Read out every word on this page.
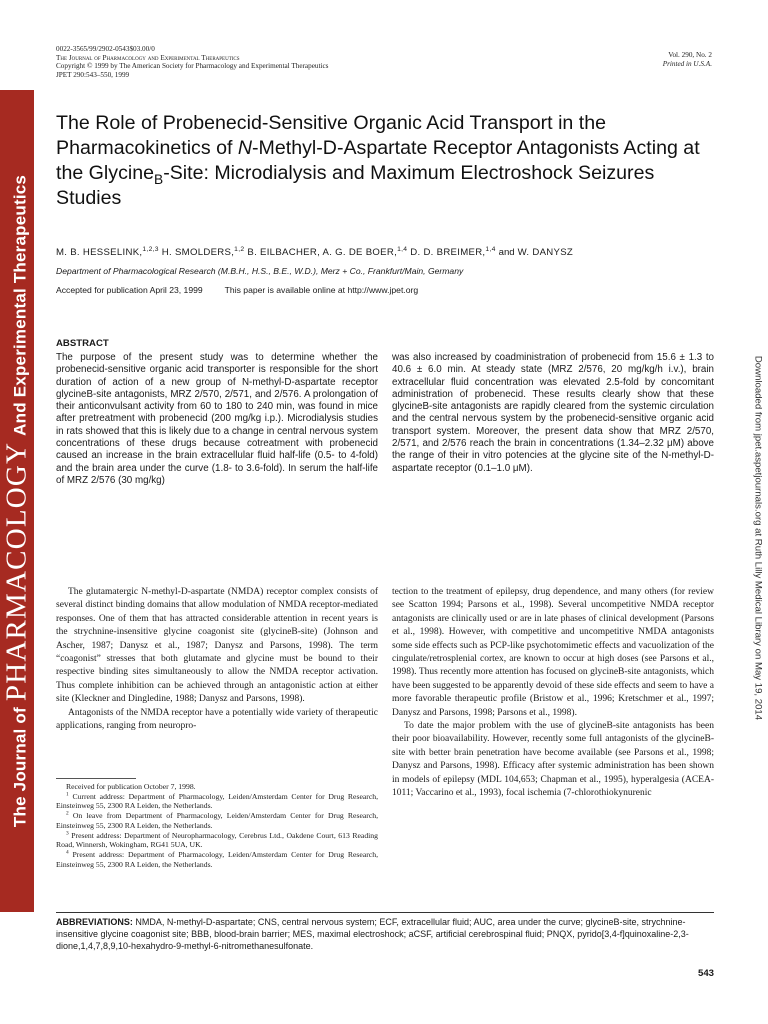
0022-3565/99/2902-0543$03.00/0
The Journal of Pharmacology and Experimental Therapeutics
Copyright © 1999 by The American Society for Pharmacology and Experimental Therapeutics
JPET 290:543–550, 1999
Vol. 290, No. 2
Printed in U.S.A.
The Journal of
PHARMACOLOGY
And Experimental Therapeutics
Downloaded from jpet.aspetjournals.org at Ruth Lilly Medical Library on May 19, 2014
The Role of Probenecid-Sensitive Organic Acid Transport in the Pharmacokinetics of N-Methyl-D-Aspartate Receptor Antagonists Acting at the Glycine$_B$-Site: Microdialysis and Maximum Electroshock Seizures Studies
M. B. HESSELINK,$^{1,2,3}$ H. SMOLDERS,$^{1,2}$ B. EILBACHER, A. G. DE BOER,$^{1,4}$ D. D. BREIMER,$^{1,4}$ and W. DANYSZ
Department of Pharmacological Research (M.B.H., H.S., B.E., W.D.), Merz + Co., Frankfurt/Main, Germany
Accepted for publication April 23, 1999	This paper is available online at http://www.jpet.org
ABSTRACT
The purpose of the present study was to determine whether the probenecid-sensitive organic acid transporter is responsible for the short duration of action of a new group of N-methyl-D-aspartate receptor glycineB-site antagonists, MRZ 2/570, 2/571, and 2/576. A prolongation of their anticonvulsant activity from 60 to 180 to 240 min, was found in mice after pretreatment with probenecid (200 mg/kg i.p.). Microdialysis studies in rats showed that this is likely due to a change in central nervous system concentrations of these drugs because cotreatment with probenecid caused an increase in the brain extracellular fluid half-life (0.5- to 4-fold) and the brain area under the curve (1.8- to 3.6-fold). In serum the half-life of MRZ 2/576 (30 mg/kg)
was also increased by coadministration of probenecid from 15.6 ± 1.3 to 40.6 ± 6.0 min. At steady state (MRZ 2/576, 20 mg/kg/h i.v.), brain extracellular fluid concentration was elevated 2.5-fold by concomitant administration of probenecid. These results clearly show that these glycineB-site antagonists are rapidly cleared from the systemic circulation and the central nervous system by the probenecid-sensitive organic acid transport system. Moreover, the present data show that MRZ 2/570, 2/571, and 2/576 reach the brain in concentrations (1.34–2.32 μM) above the range of their in vitro potencies at the glycine site of the N-methyl-D-aspartate receptor (0.1–1.0 μM).

The glutamatergic N-methyl-D-aspartate (NMDA) receptor complex consists of several distinct binding domains that allow modulation of NMDA receptor-mediated responses. One of them that has attracted considerable attention in recent years is the strychnine-insensitive glycine coagonist site (glycineB-site) (Johnson and Ascher, 1987; Danysz et al., 1987; Danysz and Parsons, 1998). The term “coagonist” stresses that both glutamate and glycine must be bound to their respective binding sites simultaneously to allow the NMDA receptor activation. Thus complete inhibition can be achieved through an antagonistic action at either site (Kleckner and Dingledine, 1988; Danysz and Parsons, 1998).

Antagonists of the NMDA receptor have a potentially wide variety of therapeutic applications, ranging from neuropro-

tection to the treatment of epilepsy, drug dependence, and many others (for review see Scatton 1994; Parsons et al., 1998). Several uncompetitive NMDA receptor antagonists are clinically used or are in late phases of clinical development (Parsons et al., 1998). However, with competitive and uncompetitive NMDA antagonists some side effects such as PCP-like psychotomimetic effects and vacuolization of the cingulate/retrosplenial cortex, are known to occur at high doses (see Parsons et al., 1998). Thus recently more attention has focused on glycineB-site antagonists, which have been suggested to be apparently devoid of these side effects and seem to have a more favorable therapeutic profile (Bristow et al., 1996; Kretschmer et al., 1997; Danysz and Parsons, 1998; Parsons et al., 1998).

To date the major problem with the use of glycineB-site antagonists has been their poor bioavailability. However, recently some full antagonists of the glycineB-site with better brain penetration have become available (see Parsons et al., 1998; Danysz and Parsons, 1998). Efficacy after systemic administration has been shown in models of epilepsy (MDL 104,653; Chapman et al., 1995), hyperalgesia (ACEA-1011; Vaccarino et al., 1993), focal ischemia (7-chlorothiokynurenic

Received for publication October 7, 1998.

$^1$ Current address: Department of Pharmacology, Leiden/Amsterdam Center for Drug Research, Einsteinweg 55, 2300 RA Leiden, the Netherlands.

$^2$ On leave from Department of Pharmacology, Leiden/Amsterdam Center for Drug Research, Einsteinweg 55, 2300 RA Leiden, the Netherlands.

$^3$ Present address: Department of Neuropharmacology, Cerebrus Ltd., Oakdene Court, 613 Reading Road, Winnersh, Wokingham, RG41 5UA, UK.

$^4$ Present address: Department of Pharmacology, Leiden/Amsterdam Center for Drug Research, Einsteinweg 55, 2300 RA Leiden, the Netherlands.

ABBREVIATIONS: NMDA, N-methyl-D-aspartate; CNS, central nervous system; ECF, extracellular fluid; AUC, area under the curve; glycineB-site, strychnine-insensitive glycine coagonist site; BBB, blood-brain barrier; MES, maximal electroshock; aCSF, artificial cerebrospinal fluid; PNQX, pyrido[3,4-f]quinoxaline-2,3-dione,1,4,7,8,9,10-hexahydro-9-methyl-6-nitromethanesulfonate.
543
